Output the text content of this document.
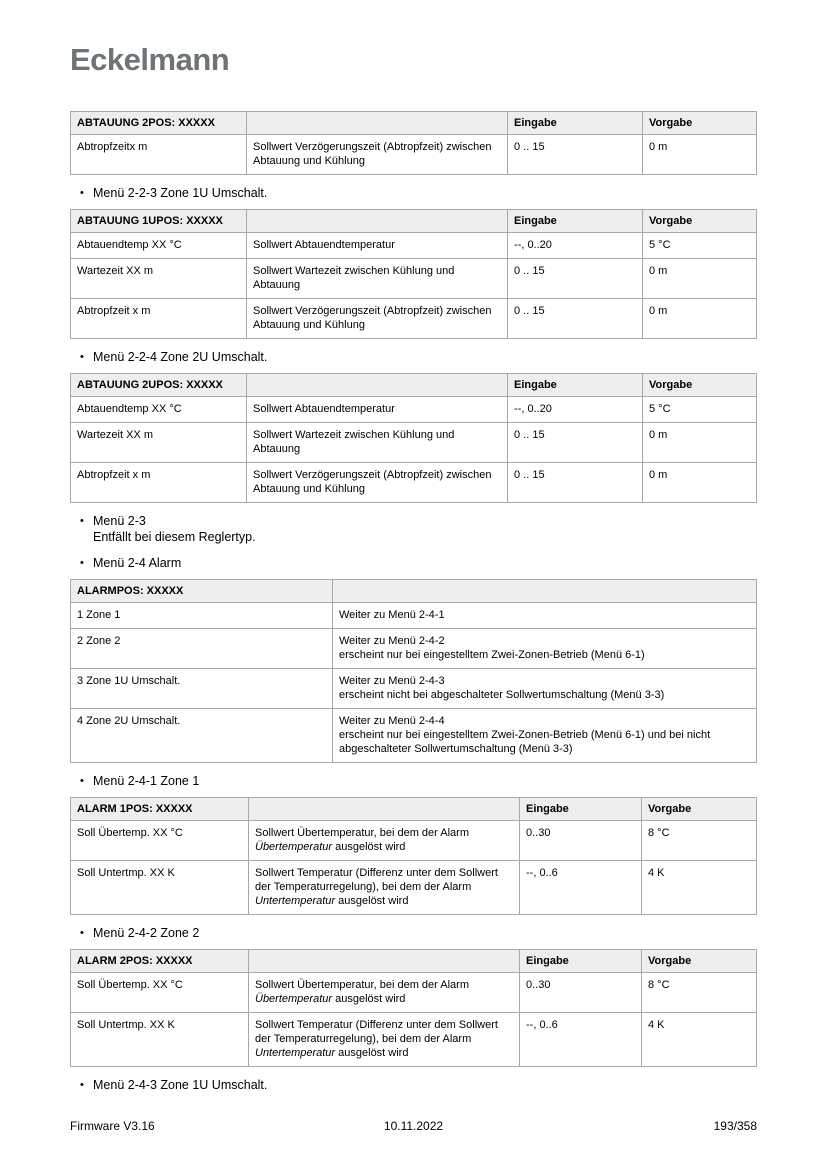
Eckelmann
ABTAUUNG 2POS: XXXXX		Eingabe	Vorgabe
Abtropfzeitx m	Sollwert Verzögerungszeit (Abtropfzeit) zwischen Abtauung und Kühlung	0 .. 15	0 m
• Menü 2-2-3 Zone 1U Umschalt.
ABTAUUNG 1UPOS: XXXXX		Eingabe	Vorgabe
Abtauendtemp XX °C	Sollwert Abtauendtemperatur	--, 0..20	5 °C
Wartezeit XX m	Sollwert Wartezeit zwischen Kühlung und Abtauung	0 .. 15	0 m
Abtropfzeit x m	Sollwert Verzögerungszeit (Abtropfzeit) zwischen Abtauung und Kühlung	0 .. 15	0 m
• Menü 2-2-4 Zone 2U Umschalt.
ABTAUUNG 2UPOS: XXXXX		Eingabe	Vorgabe
Abtauendtemp XX °C	Sollwert Abtauendtemperatur	--, 0..20	5 °C
Wartezeit XX m	Sollwert Wartezeit zwischen Kühlung und Abtauung	0 .. 15	0 m
Abtropfzeit x m	Sollwert Verzögerungszeit (Abtropfzeit) zwischen Abtauung und Kühlung	0 .. 15	0 m
• Menü 2-3
Entfällt bei diesem Reglertyp.
• Menü 2-4 Alarm
ALARMPOS: XXXXX	
1 Zone 1	Weiter zu Menü 2-4-1

2 Zone 2	Weiter zu Menü 2-4-2
erscheint nur bei eingestelltem Zwei-Zonen-Betrieb (Menü 6-1)

3 Zone 1U Umschalt.	Weiter zu Menü 2-4-3
erscheint nicht bei abgeschalteter Sollwertumschaltung (Menü 3-3)

4 Zone 2U Umschalt.	Weiter zu Menü 2-4-4
erscheint nur bei eingestelltem Zwei-Zonen-Betrieb (Menü 6-1) und bei nicht abgeschalteter Sollwertumschaltung (Menü 3-3)
• Menü 2-4-1 Zone 1
ALARM 1POS: XXXXX		Eingabe	Vorgabe
Soll Übertemp. XX °C	Sollwert Übertemperatur, bei dem der Alarm Übertemperatur ausgelöst wird	0..30	8 °C
Soll Untertmp. XX K	Sollwert Temperatur (Differenz unter dem Sollwert der Temperaturregelung), bei dem der Alarm Untertemperatur ausgelöst wird	--, 0..6	4 K
• Menü 2-4-2 Zone 2
ALARM 2POS: XXXXX		Eingabe	Vorgabe
Soll Übertemp. XX °C	Sollwert Übertemperatur, bei dem der Alarm Übertemperatur ausgelöst wird	0..30	8 °C
Soll Untertmp. XX K	Sollwert Temperatur (Differenz unter dem Sollwert der Temperaturregelung), bei dem der Alarm Untertemperatur ausgelöst wird	--, 0..6	4 K
• Menü 2-4-3 Zone 1U Umschalt.
Firmware V3.16	10.11.2022	193/358
